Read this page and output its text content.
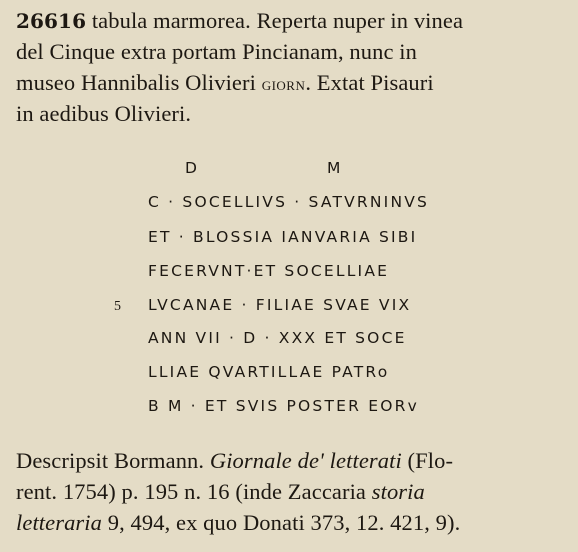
26616 tabula marmorea. Reperta nuper in vinea
del Cinque extra portam Pincianam, nunc in
museo Hannibalis Olivieri giorn. Extat Pisauri
in aedibus Olivieri.
D	M
C · SOCELLIVS · SATVRNINVS
ET · BLOSSIA IANVARIA SIBI
FECERVNT·ET SOCELLIAE
5 LVCANAE · FILIAE SVAE VIX
ANN VII · D · XXX ET SOCE
LLIAE QVARTILLAE PATRo
B M · ET SVIS POSTER EORv
Descripsit Bormann. Giornale de' letterati (Flo-
rent. 1754) p. 195 n. 16 (inde Zaccaria storia
letteraria 9, 494, ex quo Donati 373, 12. 421, 9).
